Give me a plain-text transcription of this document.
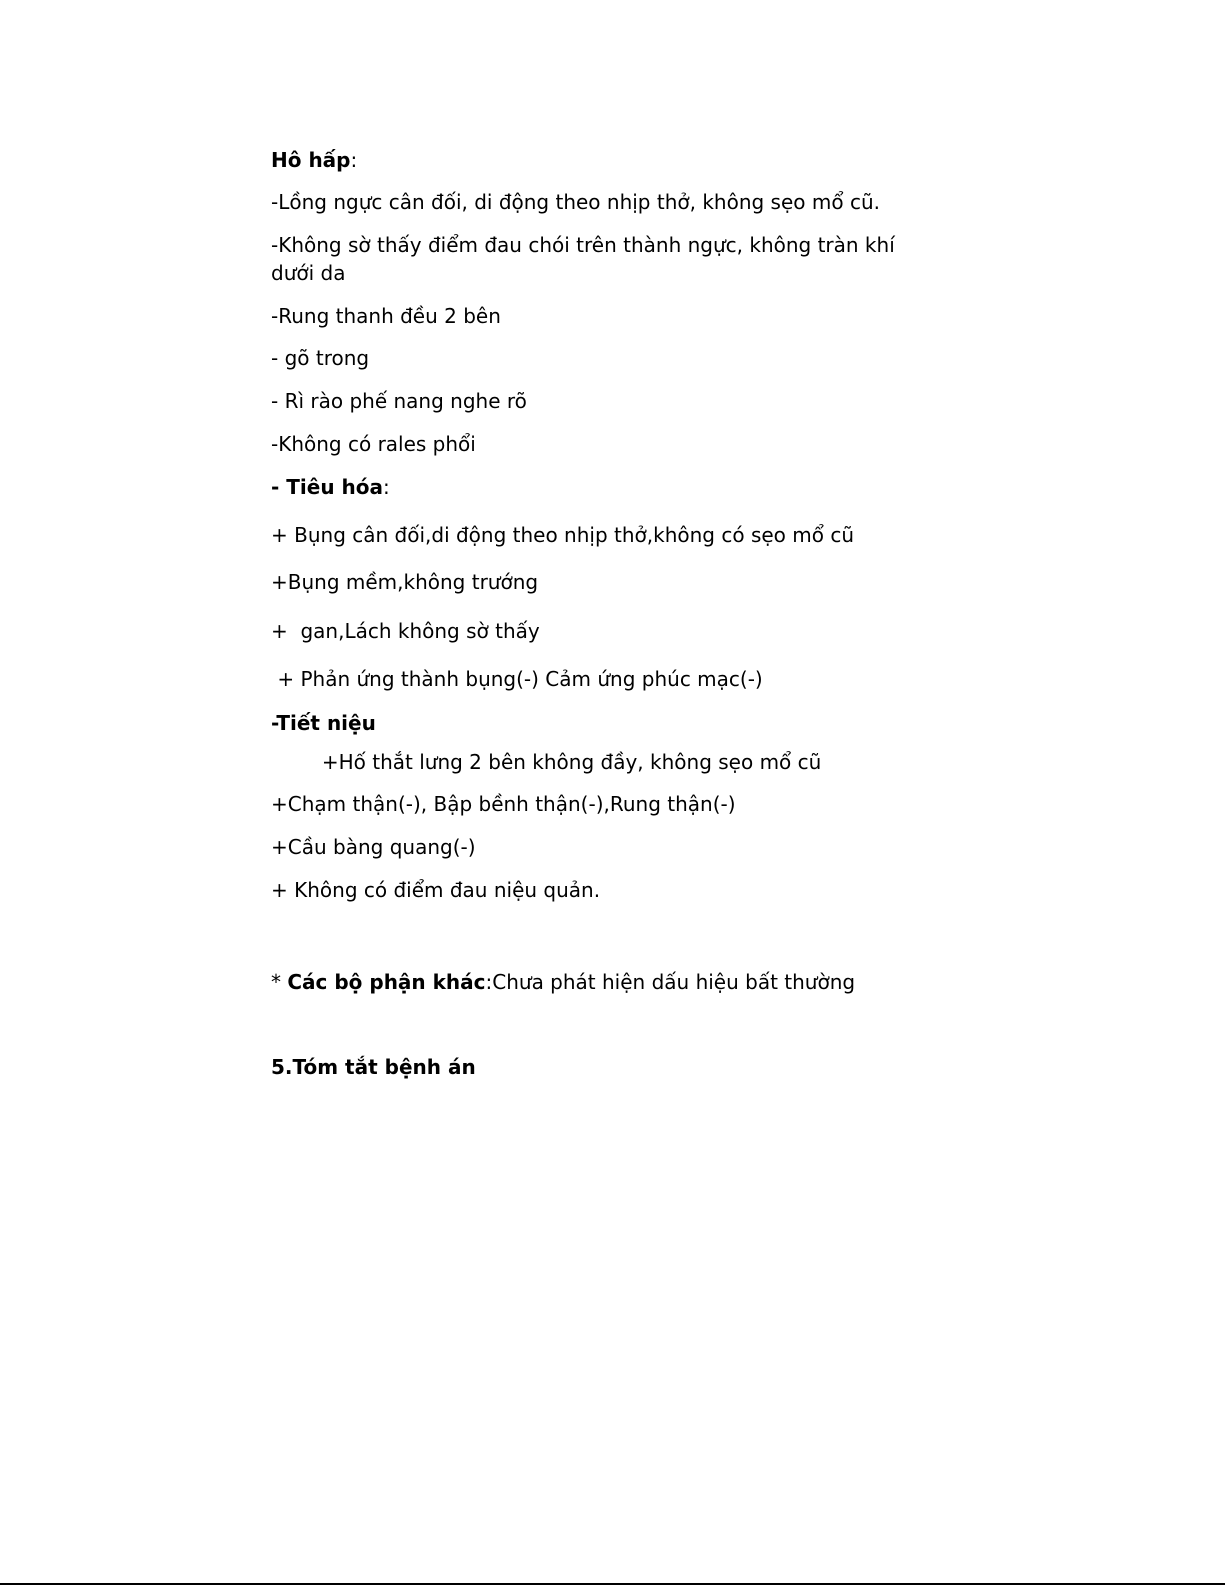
Hô hấp:
-Lồng ngực cân đối, di động theo nhịp thở, không sẹo mổ cũ.
-Không sờ thấy điểm đau chói trên thành ngực, không tràn khí dưới da
-Rung thanh đều 2 bên
- gõ trong
- Rì rào phế nang nghe rõ
-Không có rales phổi
- Tiêu hóa:
+ Bụng cân đối,di động theo nhịp thở,không có sẹo mổ cũ
+Bụng mềm,không trướng
+  gan,Lách không sờ thấy
+ Phản ứng thành bụng(-) Cảm ứng phúc mạc(-)
-Tiết niệu
+Hố thắt lưng 2 bên không đầy, không sẹo mổ cũ
+Chạm thận(-), Bập bềnh thận(-),Rung thận(-)
+Cầu bàng quang(-)
+ Không có điểm đau niệu quản.
* Các bộ phận khác:Chưa phát hiện dấu hiệu bất thường
5.Tóm tắt bệnh án
